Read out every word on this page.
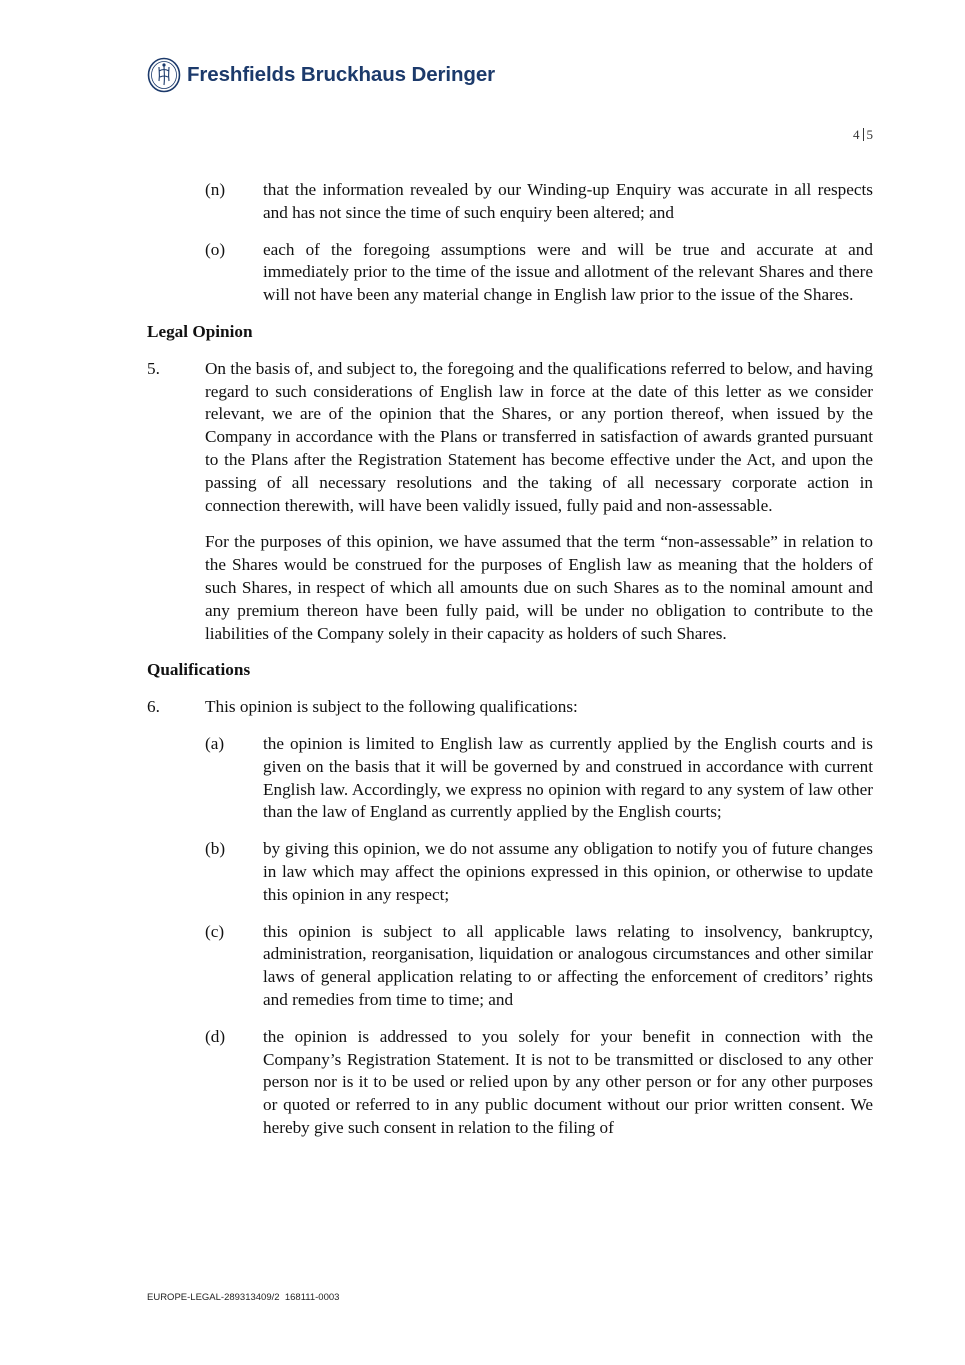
Freshfields Bruckhaus Deringer
4 5
(n)	that the information revealed by our Winding-up Enquiry was accurate in all respects and has not since the time of such enquiry been altered; and
(o)	each of the foregoing assumptions were and will be true and accurate at and immediately prior to the time of the issue and allotment of the relevant Shares and there will not have been any material change in English law prior to the issue of the Shares.
Legal Opinion
5.	On the basis of, and subject to, the foregoing and the qualifications referred to below, and having regard to such considerations of English law in force at the date of this letter as we consider relevant, we are of the opinion that the Shares, or any portion thereof, when issued by the Company in accordance with the Plans or transferred in satisfaction of awards granted pursuant to the Plans after the Registration Statement has become effective under the Act, and upon the passing of all necessary resolutions and the taking of all necessary corporate action in connection therewith, will have been validly issued, fully paid and non-assessable.
For the purposes of this opinion, we have assumed that the term “non-assessable” in relation to the Shares would be construed for the purposes of English law as meaning that the holders of such Shares, in respect of which all amounts due on such Shares as to the nominal amount and any premium thereon have been fully paid, will be under no obligation to contribute to the liabilities of the Company solely in their capacity as holders of such Shares.
Qualifications
6.	This opinion is subject to the following qualifications:
(a)	the opinion is limited to English law as currently applied by the English courts and is given on the basis that it will be governed by and construed in accordance with current English law. Accordingly, we express no opinion with regard to any system of law other than the law of England as currently applied by the English courts;
(b)	by giving this opinion, we do not assume any obligation to notify you of future changes in law which may affect the opinions expressed in this opinion, or otherwise to update this opinion in any respect;
(c)	this opinion is subject to all applicable laws relating to insolvency, bankruptcy, administration, reorganisation, liquidation or analogous circumstances and other similar laws of general application relating to or affecting the enforcement of creditors’ rights and remedies from time to time; and
(d)	the opinion is addressed to you solely for your benefit in connection with the Company’s Registration Statement. It is not to be transmitted or disclosed to any other person nor is it to be used or relied upon by any other person or for any other purposes or quoted or referred to in any public document without our prior written consent. We hereby give such consent in relation to the filing of
EUROPE-LEGAL-289313409/2 168111-0003
